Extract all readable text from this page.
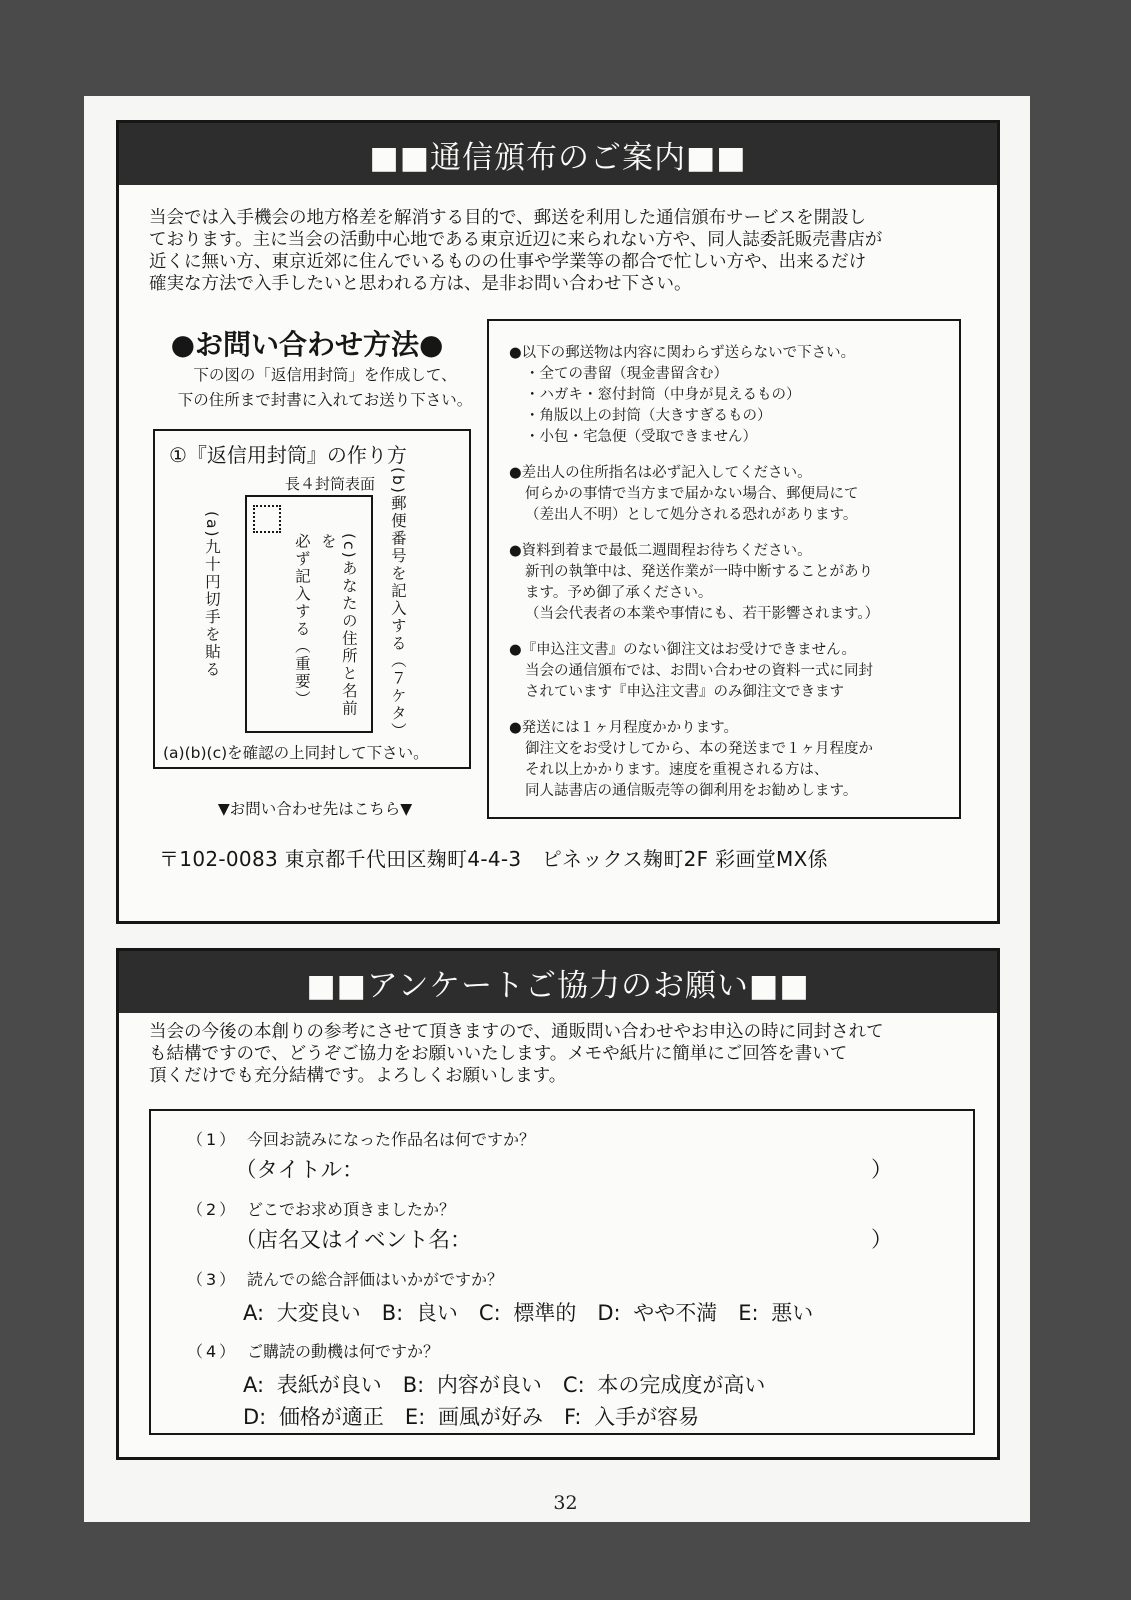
■■通信頒布のご案内■■
当会では入手機会の地方格差を解消する目的で、郵送を利用した通信頒布サービスを開設し
ております。主に当会の活動中心地である東京近辺に来られない方や、同人誌委託販売書店が
近くに無い方、東京近郊に住んでいるものの仕事や学業等の都合で忙しい方や、出来るだけ
確実な方法で入手したいと思われる方は、是非お問い合わせ下さい。
●お問い合わせ方法●
下の図の「返信用封筒」を作成して、
下の住所まで封書に入れてお送り下さい。
①『返信用封筒』の作り方
長４封筒表面
(a)九十円切手を貼る	(c)あなたの住所と名前を
必ず記入する（重要）	(b)郵便番号を記入する（７ケタ）
(a)(b)(c)を確認の上同封して下さい。
▼お問い合わせ先はこちら▼
〒102-0083 東京都千代田区麹町4-4-3　ピネックス麹町2F 彩画堂MX係
●以下の郵送物は内容に関わらず送らないで下さい。
・全ての書留（現金書留含む）
・ハガキ・窓付封筒（中身が見えるもの）
・角版以上の封筒（大きすぎるもの）
・小包・宅急便（受取できません）
●差出人の住所指名は必ず記入してください。
何らかの事情で当方まで届かない場合、郵便局にて
（差出人不明）として処分される恐れがあります。
●資料到着まで最低二週間程お待ちください。
新刊の執筆中は、発送作業が一時中断することがあり
ます。予め御了承ください。
（当会代表者の本業や事情にも、若干影響されます。）
●『申込注文書』のない御注文はお受けできません。
当会の通信頒布では、お問い合わせの資料一式に同封
されています『申込注文書』のみ御注文できます
●発送には１ヶ月程度かかります。
御注文をお受けしてから、本の発送まで１ヶ月程度か
それ以上かかります。速度を重視される方は、
同人誌書店の通信販売等の御利用をお勧めします。
■■アンケートご協力のお願い■■
当会の今後の本創りの参考にさせて頂きますので、通販問い合わせやお申込の時に同封されて
も結構ですので、どうぞご協力をお願いいたします。メモや紙片に簡単にご回答を書いて
頂くだけでも充分結構です。よろしくお願いします。
（1） 今回お読みになった作品名は何ですか？
（タイトル：	）
（2） どこでお求め頂きましたか？
（店名又はイベント名：	）
（3） 読んでの総合評価はいかがですか？
A: 大変良い　B: 良い　C: 標準的　D: やや不満　E: 悪い
（4） ご購読の動機は何ですか？
A: 表紙が良い　B: 内容が良い　C: 本の完成度が高い
D: 価格が適正　E: 画風が好み　F: 入手が容易
32
